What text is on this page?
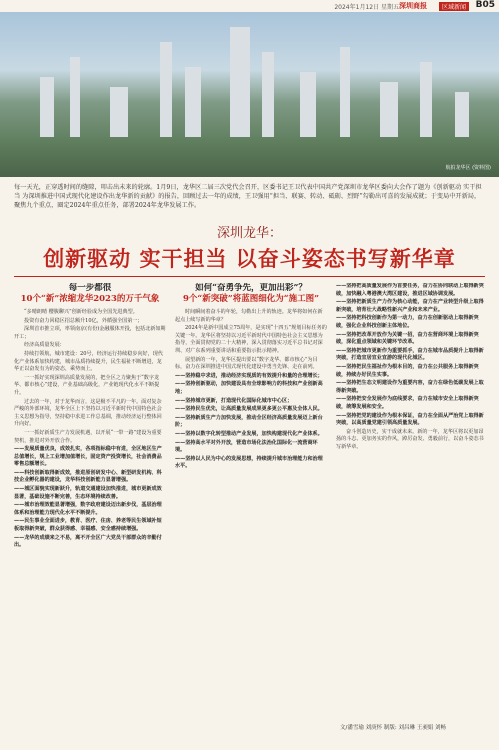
2024年1月12日 星期五 深圳商报	区域新闻	B05
航拍龙华区 (资料图)
每一天光，正穿透时间的缝隙，叩击出未来的轮廓。1月9日，龙华区二届三次党代会召开，区委书记王卫代表中国共产党深圳市龙华区委向大会作了题为《创新驱动 实干担当 为深圳推进中国式现代化建设作出龙华新的贡献》的报告，回顾过去一年的成绩，王卫强用“担当、联赛、转动、砥砺、烈野”勾勒出可喜的发展成就；于变局中开新局，聚焦九个重点，圈定2024年重点任务，部署2024年龙华发展工作。
深圳龙华：
创新驱动 实干担当 以奋斗姿态书写新华章
每一步都很
10个“新”浓缩龙华2023的万千气象

“多晴朗晴 樱腹聊兴”创新经验成为全国先进典型。

投资有奋力回稳区招总额升10亿，外循强全国第一；

深圳首市推立项，率领南京(有份)金融服体开投，包括北新如期开工；

经济高质量发展：

持续打领航，城市建设：20号，经济运行持续稳步向好，现代化产业体系加快构建，城市品质持续提升，民生福祉不断增进，龙华正以奋发有为的姿态，乘势而上。

一一抓好实现深圳高质量发展的，把全区之力聚焦于“数字龙华、都市核心”建设，产业基础高级化，产业链现代化水平不断提升。

过去的一年，对于龙华而言，这是极不平凡的一年。面对复杂严峻的外部环境，龙华全区上下坚持以习近平新时代中国特色社会主义思想为指导，坚持稳中求进工作总基调，推动经济运行整体回升向好。

一一抓好新质生产力发展机遇，以开展“一带一路”建设为重要契机，推进对外开放合作。

——发展质量优良，成效扎实，各项指标稳中有进，全区地区生产总值增长，规上工业增加值增长，固定资产投资增长，社会消费品零售总额增长。

——科技创新取得新成效，推进原创研发中心、新型研发机构、科技企业孵化器的建设，龙华科技创新能力显著增强。

——城区面貌实现新跃升，轨道交通建设加快推进，城市更新成效显著，基础设施不断完善，生态环境持续改善。

——城市治理效能显著增强，数字政府建设迈出新步伐，基层治理体系和治理能力现代化水平不断提升。

——民生事业全面进步，教育、医疗、住房、养老等民生领域补短板取得新突破，群众获得感、幸福感、安全感持续增强。

——龙华的成绩来之不易，离不开全区广大党员干部群众的辛勤付出。

如何“奋勇争先，更加出彩”？
9个“新突破”将蓝图细化为“施工图”

时间瞬间着奋斗的年轮，勾勒出上升的轨迹。龙华将如何在新起点上续写新的华章？

2024年是新中国成立75周年，是实现“十四五”规划目标任务的关键一年。龙华区将坚持以习近平新时代中国特色社会主义思想为指导，全面贯彻党的二十大精神，深入贯彻落实习近平总书记对深圳、对广东系列重要讲话和重要指示批示精神。

展望新的一年，龙华区提出要以“数字龙华、都市核心”为目标，奋力在深圳推进中国式现代化建设中勇当先锋、走在前列。

——坚持稳中求进，推动经济实现质的有效提升和量的合理增长；

——坚持创新驱动，加快建设具有全球影响力的科技和产业创新高地；

——坚持城市更新，打造现代化国际化城市中心区；

——坚持民生优先，让高质量发展成果更多更公平惠及全体人民。

——坚持新质生产力加快发展，推动全区经济高质量发展迈上新台阶；

——坚持以数字化转型推动产业发展，加快构建现代化产业体系。

——坚持高水平对外开放，营造市场化法治化国际化一流营商环境。

——坚持以人民为中心的发展思想，持续提升城市治理能力和治理水平。

——坚持把高质量发展作为首要任务，奋力在协同联动上取得新突破，加快融入粤港澳大湾区建设，推进区域协调发展。

——坚持把新质生产力作为核心动能，奋力在产业转型升级上取得新突破，培育壮大战略性新兴产业和未来产业。

——坚持把科技创新作为第一动力，奋力在创新驱动上取得新突破，强化企业科技创新主体地位。

——坚持把改革开放作为关键一招，奋力在营商环境上取得新突破，深化重点领域和关键环节改革。

——坚持把城市更新作为重要抓手，奋力在城市品质提升上取得新突破，打造宜居宜业宜游的现代化城区。

——坚持把民生福祉作为根本目的，奋力在公共服务上取得新突破，持续办好民生实事。

——坚持把生态文明建设作为重要内容，奋力在绿色低碳发展上取得新突破。

——坚持把安全发展作为底线要求，奋力在城市安全上取得新突破，统筹发展和安全。

——坚持把党的建设作为根本保证，奋力在全面从严治党上取得新突破，以高质量党建引领高质量发展。

奋斗创造历史，实干成就未来。新的一年，龙华区将以更加昂扬的斗志、更加务实的作风，踔厉奋发、勇毅前行，以奋斗姿态书写新华章。

文/潘雪瑜 刘庚怀 制版: 刘昌琳 王昶娟 刘畅
